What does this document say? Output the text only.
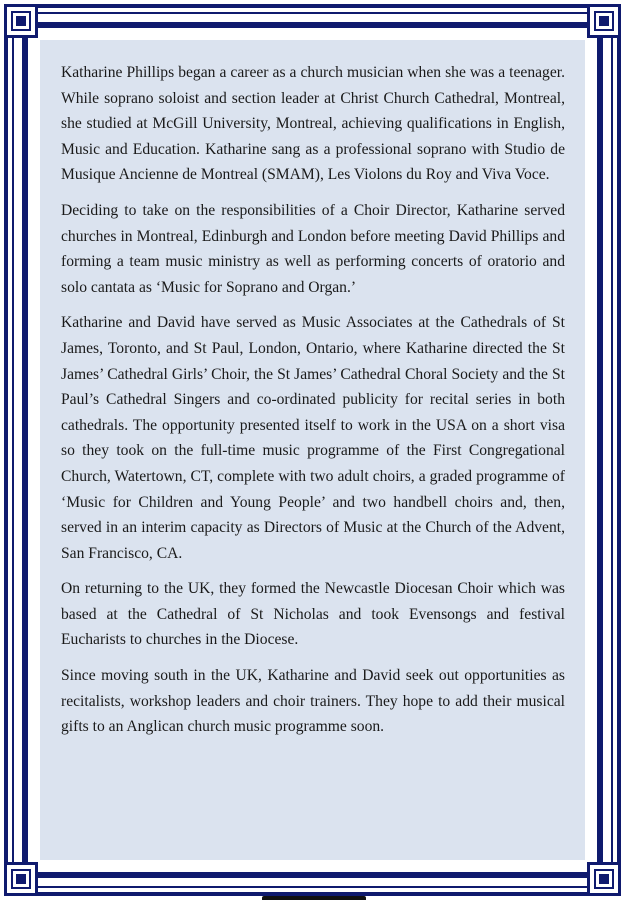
Katharine Phillips began a career as a church musician when she was a teenager. While soprano soloist and section leader at Christ Church Cathedral, Montreal, she studied at McGill University, Montreal, achieving qualifications in English, Music and Education. Katharine sang as a professional soprano with Studio de Musique Ancienne de Montreal (SMAM), Les Violons du Roy and Viva Voce.

Deciding to take on the responsibilities of a Choir Director, Katharine served churches in Montreal, Edinburgh and London before meeting David Phillips and forming a team music ministry as well as performing concerts of oratorio and solo cantata as ‘Music for Soprano and Organ.’

Katharine and David have served as Music Associates at the Cathedrals of St James, Toronto, and St Paul, London, Ontario, where Katharine directed the St James’ Cathedral Girls’ Choir, the St James’ Cathedral Choral Society and the St Paul’s Cathedral Singers and co-ordinated publicity for recital series in both cathedrals. The opportunity presented itself to work in the USA on a short visa so they took on the full-time music programme of the First Congregational Church, Watertown, CT, complete with two adult choirs, a graded programme of ‘Music for Children and Young People’ and two handbell choirs and, then, served in an interim capacity as Directors of Music at the Church of the Advent, San Francisco, CA.

On returning to the UK, they formed the Newcastle Diocesan Choir which was based at the Cathedral of St Nicholas and took Evensongs and festival Eucharists to churches in the Diocese.

Since moving south in the UK, Katharine and David seek out opportunities as recitalists, workshop leaders and choir trainers. They hope to add their musical gifts to an Anglican church music programme soon.
